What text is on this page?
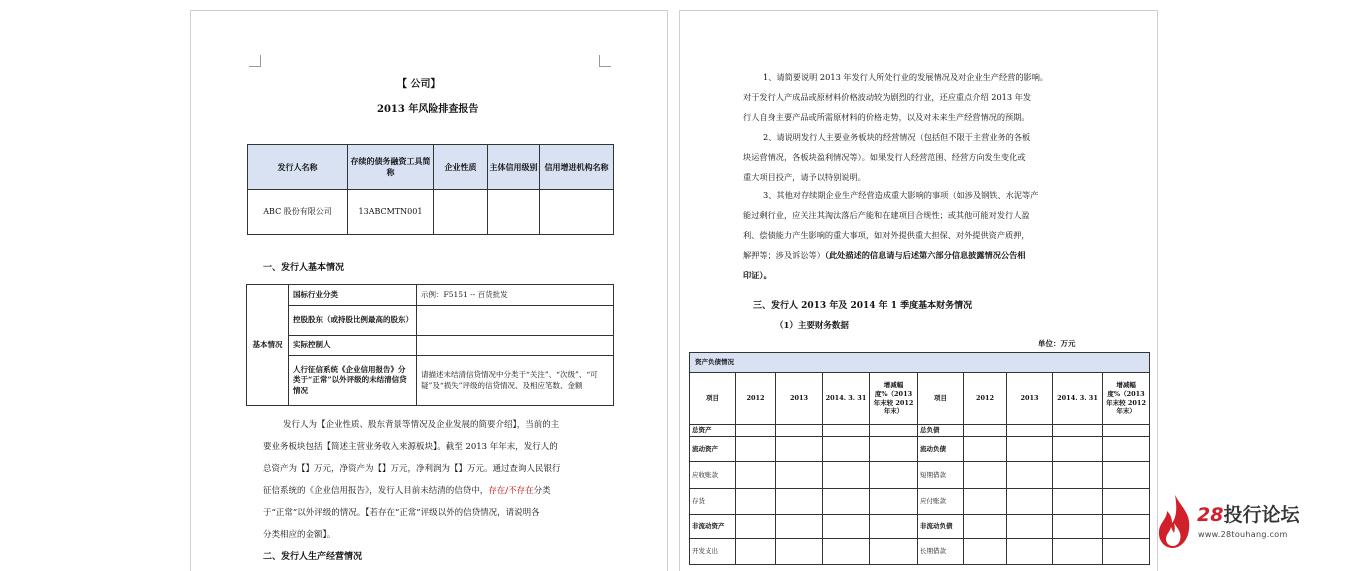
【 公司】
2013 年风险排查报告
发行人名称	存续的债务融资工具简称	企业性质	主体信用级别	信用增进机构名称
ABC 股份有限公司	13ABCMTN001			
一、发行人基本情况
基本情况	国标行业分类	示例：F5151 -- 百货批发
	控股股东（或持股比例最高的股东）	
	实际控制人	
	人行征信系统《企业信用报告》分类于“正常”以外评级的未结清信贷情况	请描述未结清信贷情况中分类于“关注”、“次级”、“可疑”及“损失”评级的信贷情况、及相应笔数、金额
发行人为【企业性质、股东背景等情况及企业发展的简要介绍】，当前的主
要业务板块包括【简述主营业务收入来源板块】。截至 2013 年年末，发行人的
总资产为【】万元，净资产为【】万元，净利润为【】万元。通过查询人民银行
征信系统的《企业信用报告》，发行人目前未结清的信贷中，存在/不存在分类
于“正常”以外评级的情况。【若存在“正常”评级以外的信贷情况，请说明各
分类相应的金额】。
二、发行人生产经营情况
1、请简要说明 2013 年发行人所处行业的发展情况及对企业生产经营的影响。
对于发行人产成品或原材料价格波动较为剧烈的行业，还应重点介绍 2013 年发
行人自身主要产品或所需原材料的价格走势，以及对未来生产经营情况的预期。
2、请说明发行人主要业务板块的经营情况（包括但不限于主营业务的各板
块运营情况，各板块盈利情况等）。如果发行人经营范围、经营方向发生变化或
重大项目投产，请予以特别说明。
3、其他对存续期企业生产经营造成重大影响的事项（如涉及钢铁、水泥等产
能过剩行业，应关注其淘汰落后产能和在建项目合规性；或其他可能对发行人盈
利、偿债能力产生影响的重大事项，如对外提供重大担保、对外提供资产质押，
解押等；涉及诉讼等）（此处描述的信息请与后述第六部分信息披露情况公告相
印证）。
三、发行人 2013 年及 2014 年 1 季度基本财务情况
（1）主要财务数据
单位：万元
资产负债情况									
项目	2012	2013	2014. 3. 31	增减幅度%（2013 年末较 2012 年末）	项目	2012	2013	2014. 3. 31	增减幅度%（2013 年末较 2012 年末）
总资产					总负债				
流动资产					流动负债				
应收账款					短期借款				
存货					应付账款				
非流动资产					非流动负债				
开发支出					长期借款				
28投行论坛
www.28touhang.com
